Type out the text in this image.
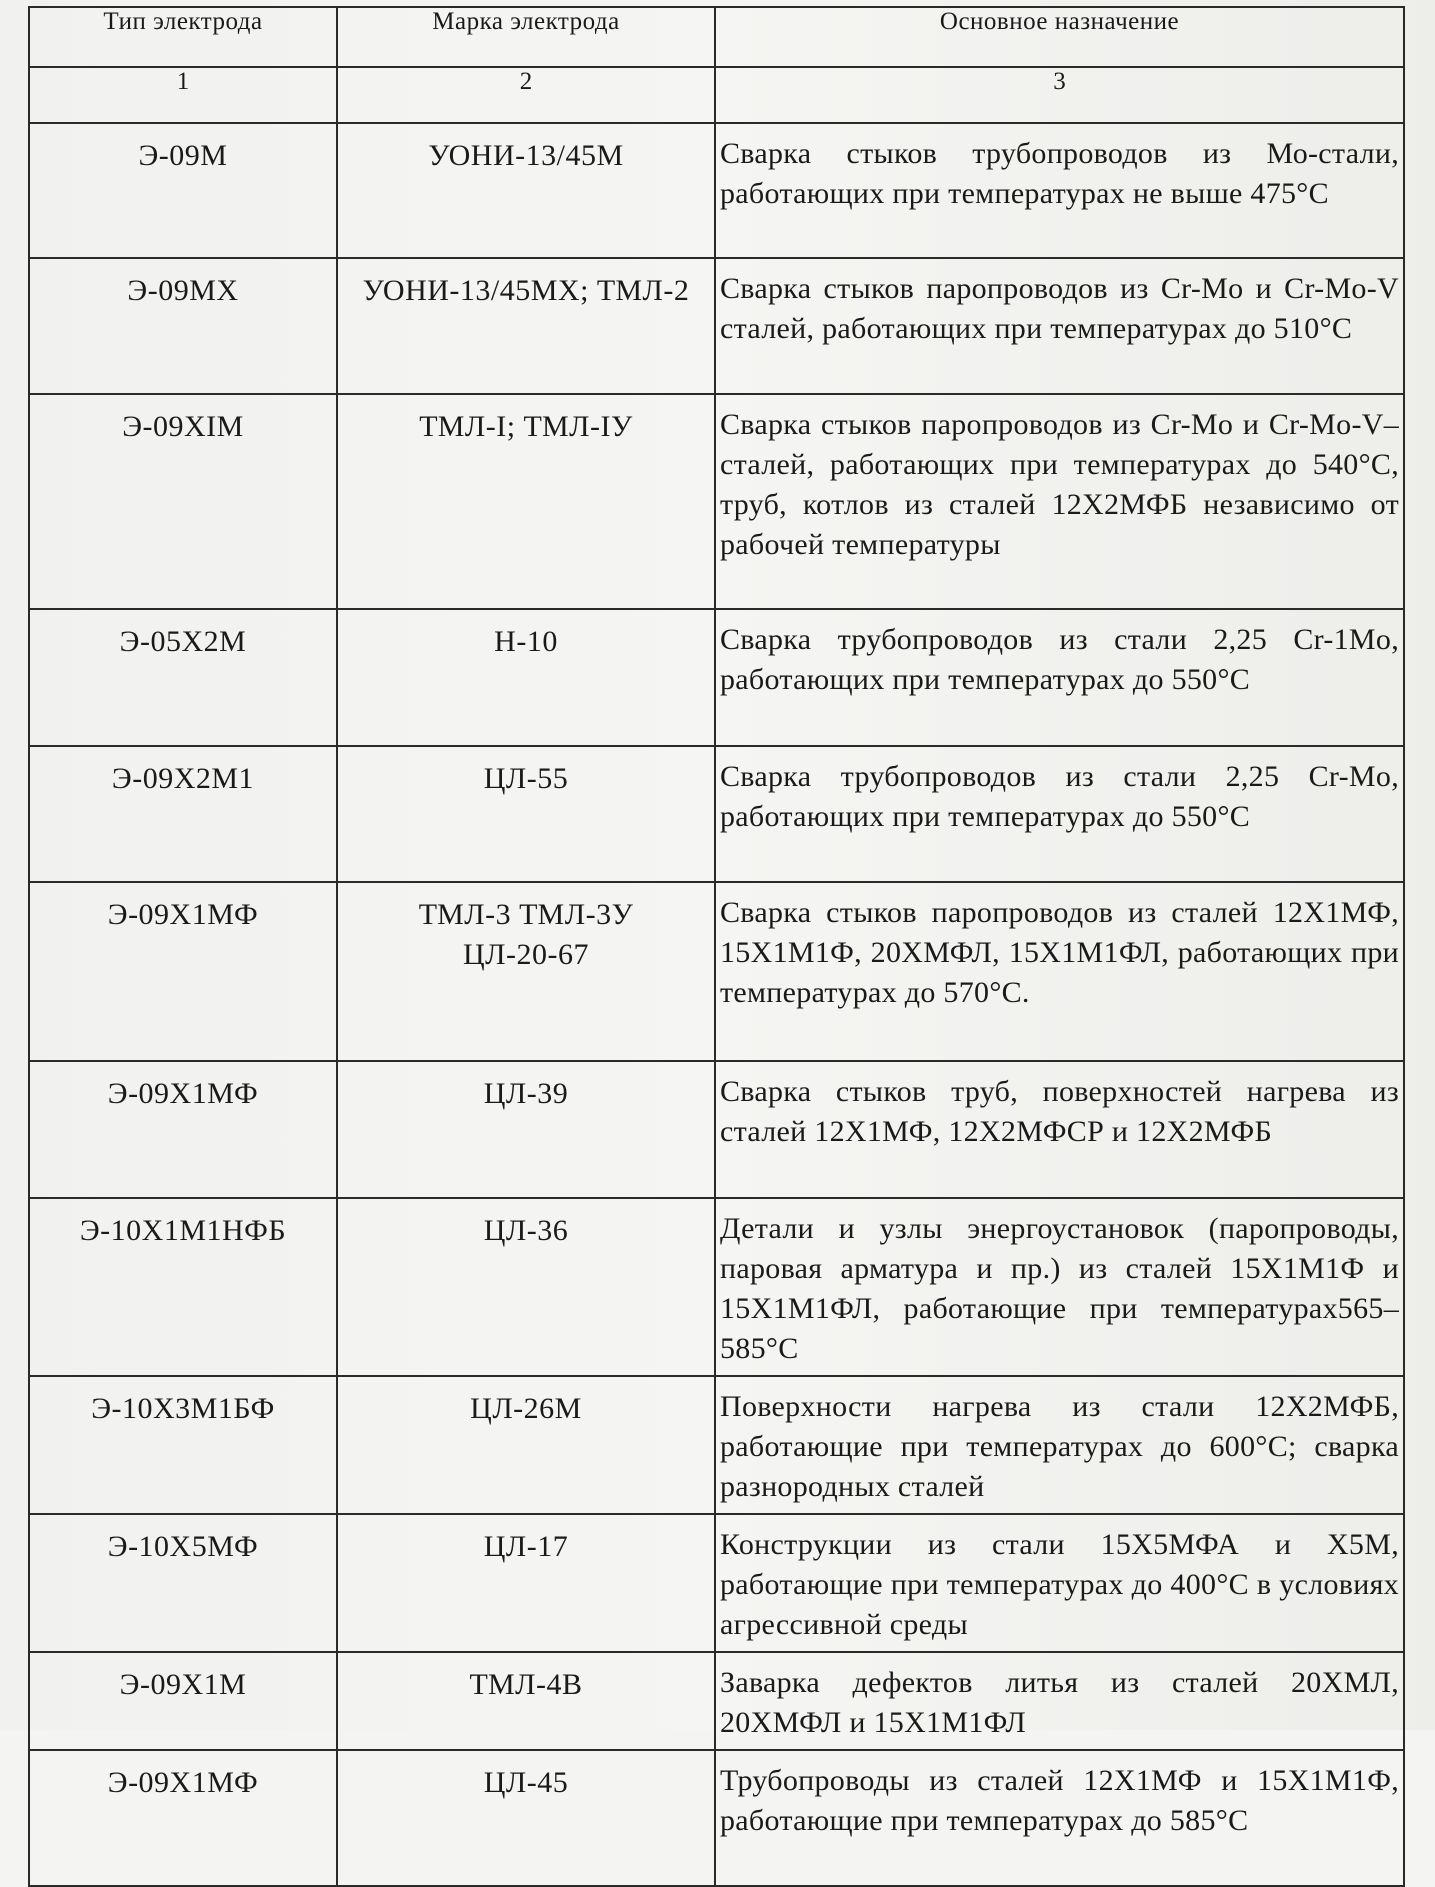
Тип электрода	Марка электрода	Основное назначение
1	2	3
Э-09М	УОНИ-13/45М	Сварка стыков трубопроводов из Мо-стали, работающих при температурах не выше 475°С
Э-09МХ	УОНИ-13/45МХ; ТМЛ-2	Сварка стыков паропроводов из Cr-Mo и Cr-Mo-V сталей, работающих при температурах до 510°С
Э-09ХIМ	ТМЛ-I; ТМЛ-IУ	Сварка стыков паропроводов из Cr-Mo и Cr-Mo-V–сталей, работающих при температурах до 540°С, труб, котлов из сталей 12Х2МФБ независимо от рабочей температуры
Э-05Х2М	Н-10	Сварка трубопроводов из стали 2,25 Cr-1Mo, работающих при температурах до 550°С
Э-09Х2М1	ЦЛ-55	Сварка трубопроводов из стали 2,25 Cr-Mo, работающих при температурах до 550°С
Э-09Х1МФ	ТМЛ-3 ТМЛ-3У ЦЛ-20-67	Сварка стыков паропроводов из сталей 12Х1МФ, 15Х1М1Ф, 20ХМФЛ, 15Х1М1ФЛ, работающих при температурах до 570°С.
Э-09Х1МФ	ЦЛ-39	Сварка стыков труб, поверхностей нагрева из сталей 12Х1МФ, 12Х2МФСР и 12Х2МФБ
Э-10Х1М1НФБ	ЦЛ-36	Детали и узлы энергоустановок (паропроводы, паровая арматура и пр.) из сталей 15Х1М1Ф и 15Х1М1ФЛ, работающие при температурах565–585°С
Э-10Х3М1БФ	ЦЛ-26М	Поверхности нагрева из стали 12Х2МФБ, работающие при температурах до 600°С; сварка разнородных сталей
Э-10Х5МФ	ЦЛ-17	Конструкции из стали 15Х5МФА и Х5М, работающие при температурах до 400°С в условиях агрессивной среды
Э-09Х1М	ТМЛ-4В	Заварка дефектов литья из сталей 20ХМЛ, 20ХМФЛ и 15Х1М1ФЛ
Э-09Х1МФ	ЦЛ-45	Трубопроводы из сталей 12Х1МФ и 15Х1М1Ф, работающие при температурах до 585°С
